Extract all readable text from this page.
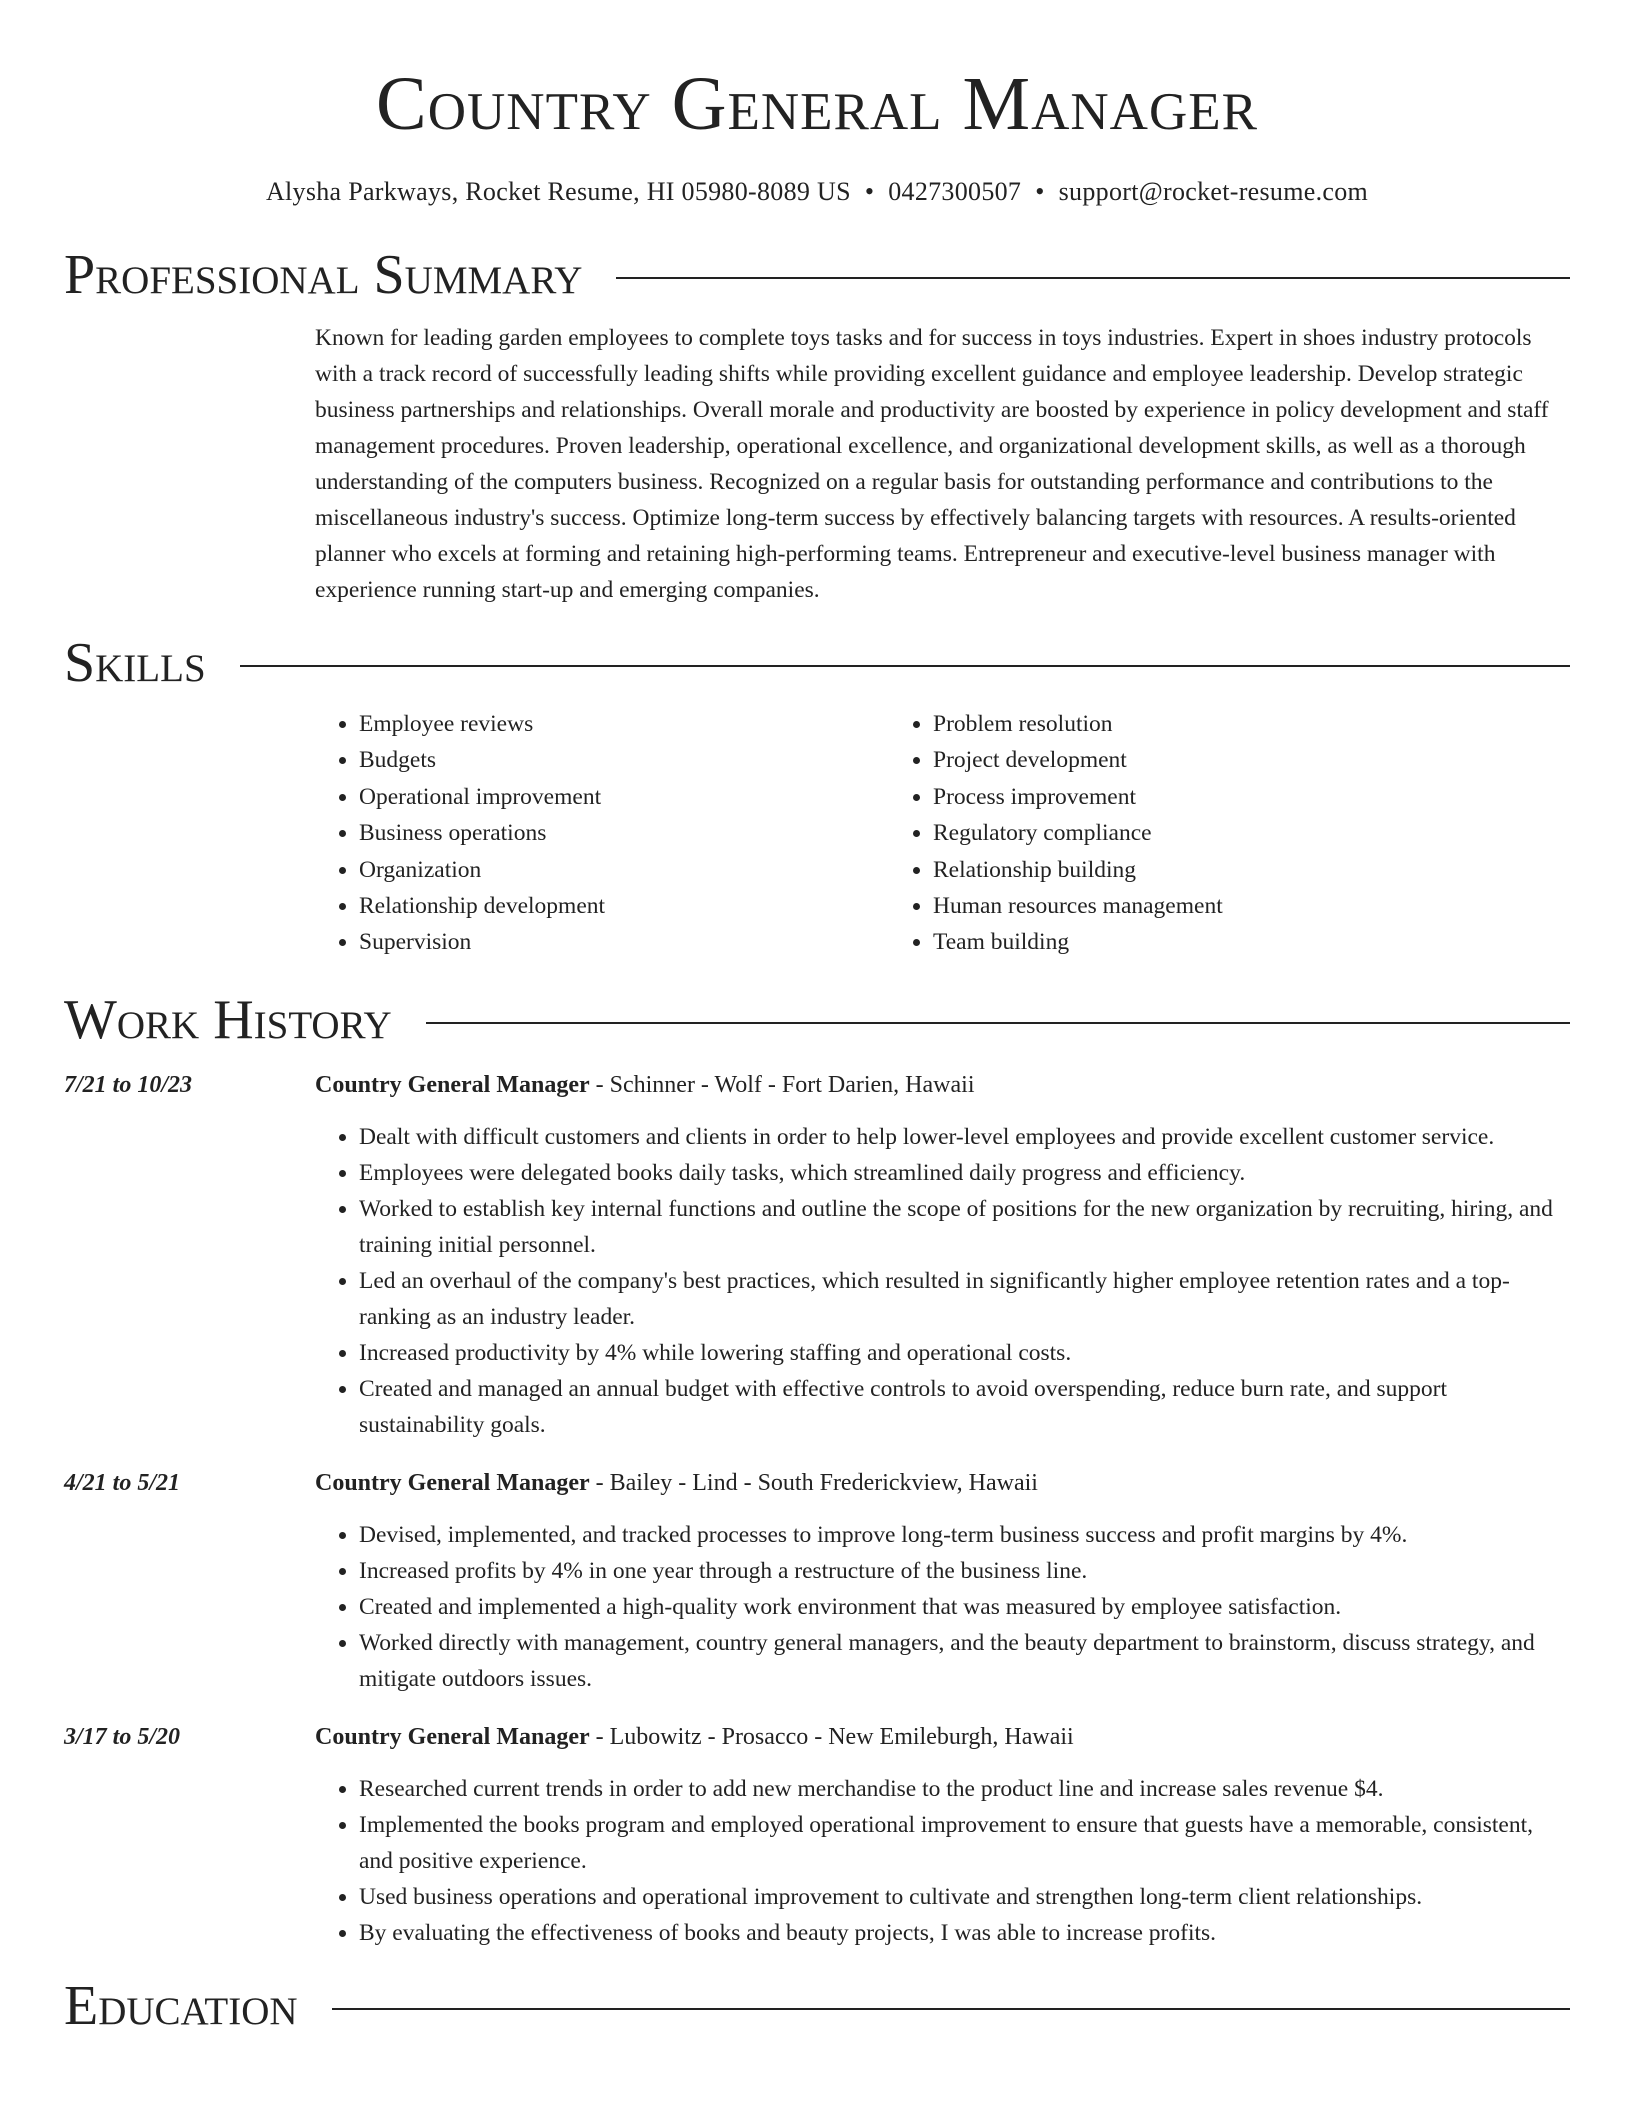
Country General Manager
Alysha Parkways, Rocket Resume, HI 05980-8089 US • 0427300507 • support@rocket-resume.com
Professional Summary
Known for leading garden employees to complete toys tasks and for success in toys industries. Expert in shoes industry protocols with a track record of successfully leading shifts while providing excellent guidance and employee leadership. Develop strategic business partnerships and relationships. Overall morale and productivity are boosted by experience in policy development and staff management procedures. Proven leadership, operational excellence, and organizational development skills, as well as a thorough understanding of the computers business. Recognized on a regular basis for outstanding performance and contributions to the miscellaneous industry's success. Optimize long-term success by effectively balancing targets with resources. A results-oriented planner who excels at forming and retaining high-performing teams. Entrepreneur and executive-level business manager with experience running start-up and emerging companies.
Skills
• Employee reviews
• Budgets
• Operational improvement
• Business operations
• Organization
• Relationship development
• Supervision
• Problem resolution
• Project development
• Process improvement
• Regulatory compliance
• Relationship building
• Human resources management
• Team building
Work History
7/21 to 10/23	Country General Manager - Schinner - Wolf - Fort Darien, Hawaii
• Dealt with difficult customers and clients in order to help lower-level employees and provide excellent customer service.
• Employees were delegated books daily tasks, which streamlined daily progress and efficiency.
• Worked to establish key internal functions and outline the scope of positions for the new organization by recruiting, hiring, and training initial personnel.
• Led an overhaul of the company's best practices, which resulted in significantly higher employee retention rates and a top-ranking as an industry leader.
• Increased productivity by 4% while lowering staffing and operational costs.
• Created and managed an annual budget with effective controls to avoid overspending, reduce burn rate, and support sustainability goals.
4/21 to 5/21	Country General Manager - Bailey - Lind - South Frederickview, Hawaii
• Devised, implemented, and tracked processes to improve long-term business success and profit margins by 4%.
• Increased profits by 4% in one year through a restructure of the business line.
• Created and implemented a high-quality work environment that was measured by employee satisfaction.
• Worked directly with management, country general managers, and the beauty department to brainstorm, discuss strategy, and mitigate outdoors issues.
3/17 to 5/20	Country General Manager - Lubowitz - Prosacco - New Emileburgh, Hawaii
• Researched current trends in order to add new merchandise to the product line and increase sales revenue $4.
• Implemented the books program and employed operational improvement to ensure that guests have a memorable, consistent, and positive experience.
• Used business operations and operational improvement to cultivate and strengthen long-term client relationships.
• By evaluating the effectiveness of books and beauty projects, I was able to increase profits.
Education
